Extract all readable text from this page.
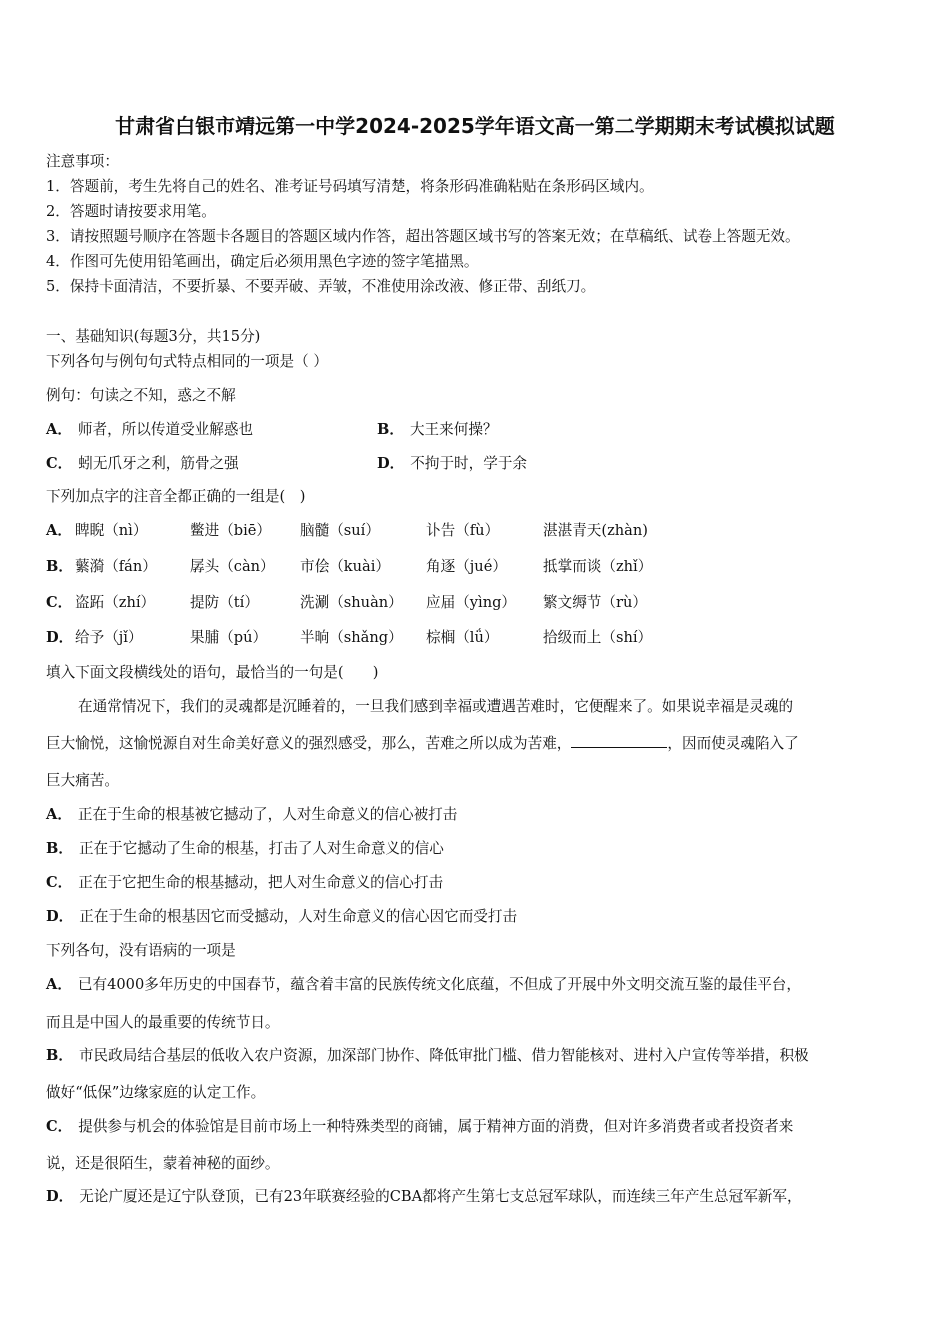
甘肃省白银市靖远第一中学2024-2025学年语文高一第二学期期末考试模拟试题
注意事项：
1．答题前，考生先将自己的姓名、准考证号码填写清楚，将条形码准确粘贴在条形码区域内。
2．答题时请按要求用笔。
3．请按照题号顺序在答题卡各题目的答题区域内作答，超出答题区域书写的答案无效；在草稿纸、试卷上答题无效。
4．作图可先使用铅笔画出，确定后必须用黑色字迹的签字笔描黑。
5．保持卡面清洁，不要折暴、不要弄破、弄皱，不准使用涂改液、修正带、刮纸刀。
一、基础知识(每题3分，共15分)
下列各句与例句句式特点相同的一项是（ ）
例句：句读之不知，惑之不解
A． 师者，所以传道受业解惑也	B． 大王来何操？
C． 蚓无爪牙之利，筋骨之强	D． 不拘于时，学于余
下列加点字的注音全都正确的一组是(　)
A． 睥睨（nì）	鳖进（biē） 脑髓（suí）	讣告（fù）	湛湛青天(zhàn)
B． 蘩漪（fán） 孱头（càn） 市侩（kuài） 角逐（jué） 抵掌而谈（zhǐ）
C． 盗跖（zhí） 提防（tí）	洗涮（shuàn） 应届（yìng） 繁文缛节（rù）
D． 给予（jǐ）	果脯（pú） 半晌（shǎng） 棕榈（lǘ）	拾级而上（shí）
填入下面文段横线处的语句，最恰当的一句是(　　)
在通常情况下，我们的灵魂都是沉睡着的，一旦我们感到幸福或遭遇苦难时，它便醒来了。如果说幸福是灵魂的
巨大愉悦，这愉悦源自对生命美好意义的强烈感受，那么，苦难之所以成为苦难，	，因而使灵魂陷入了
巨大痛苦。
A． 正在于生命的根基被它撼动了，人对生命意义的信心被打击
B． 正在于它撼动了生命的根基，打击了人对生命意义的信心
C． 正在于它把生命的根基撼动，把人对生命意义的信心打击
D． 正在于生命的根基因它而受撼动，人对生命意义的信心因它而受打击
下列各句，没有语病的一项是
A． 已有4000多年历史的中国春节，蕴含着丰富的民族传统文化底蕴，不但成了开展中外文明交流互鉴的最佳平台，
而且是中国人的最重要的传统节日。
B． 市民政局结合基层的低收入农户资源，加深部门协作、降低审批门槛、借力智能核对、进村入户宣传等举措，积极
做好“低保”边缘家庭的认定工作。
C． 提供参与机会的体验馆是目前市场上一种特殊类型的商铺，属于精神方面的消费，但对许多消费者或者投资者来
说，还是很陌生，蒙着神秘的面纱。
D． 无论广厦还是辽宁队登顶，已有23年联赛经验的CBA都将产生第七支总冠军球队，而连续三年产生总冠军新军，
